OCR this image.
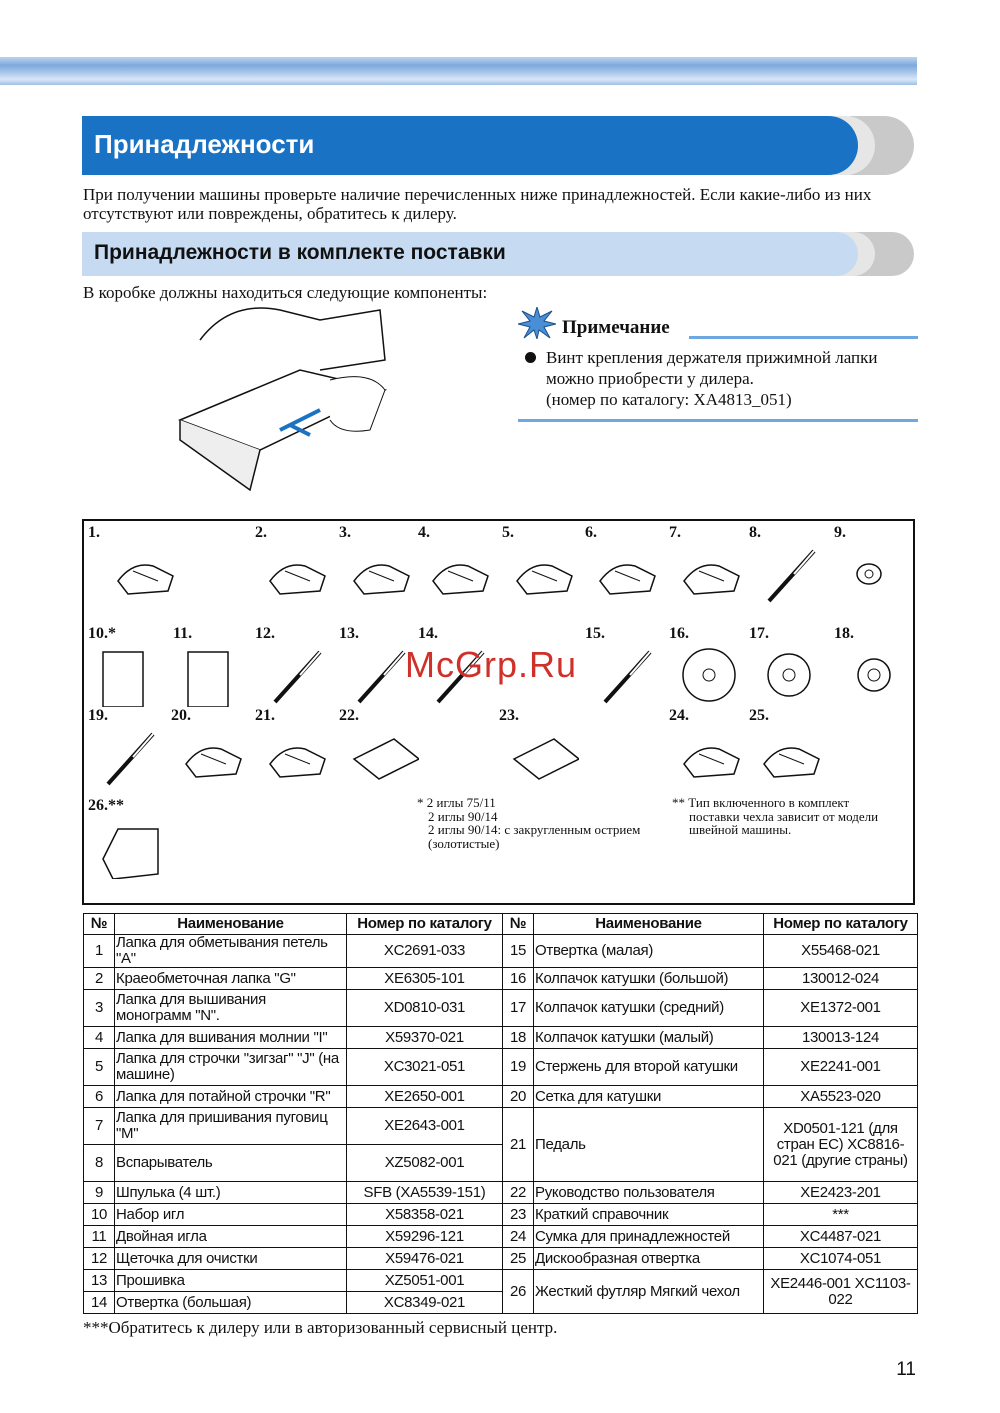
Принадлежности
При получении машины проверьте наличие перечисленных ниже принадлежностей. Если какие-либо из них отсутствуют или повреждены, обратитесь к дилеру.
Принадлежности в комплекте поставки
В коробке должны находиться следующие компоненты:
Примечание
Винт крепления держателя прижимной лапки
можно приобрести у дилера.
(номер по каталогу: XA4813_051)
1.	2.	3.	4.	5.	6.	7.	8.	9.
10.*	11.	12.	13.	14.	15.	16.	17.	18.
19.	20.	21.	22.	23.	24.	25.
26.**	* 2 иглы 75/11
2 иглы 90/14
2 иглы 90/14: с закругленным острием
(золотистые)
** Тип включенного в комплект
поставки чехла зависит от модели
швейной машины.
McGrp.Ru
№	Наименование	Номер по каталогу	№	Наименование	Номер по каталогу
1	Лапка для обметывания петель "A"	XC2691-033	15	Отвертка (малая)	X55468-021
2	Краеобметочная лапка "G"	XE6305-101	16	Колпачок катушки (большой)	130012-024
3	Лапка для вышивания монограмм "N".	XD0810-031	17	Колпачок катушки (средний)	XE1372-001
4	Лапка для вшивания молнии "I"	X59370-021	18	Колпачок катушки (малый)	130013-124
5	Лапка для строчки "зигзаг" "J" (на машине)	XC3021-051	19	Стержень для второй катушки	XE2241-001
6	Лапка для потайной строчки "R"	XE2650-001	20	Сетка для катушки	XA5523-020
7	Лапка для пришивания пуговиц "M"	XE2643-001	21	Педаль	XD0501-121 (для стран ЕС) XC8816-021 (другие страны)
8	Вспарыватель	XZ5082-001			
9	Шпулька (4 шт.)	SFB (XA5539-151)	22	Руководство пользователя	XE2423-201
10	Набор игл	X58358-021	23	Краткий справочник	***
11	Двойная игла	X59296-121	24	Сумка для принадлежностей	XC4487-021
12	Щеточка для очистки	X59476-021	25	Дискообразная отвертка	XC1074-051
13	Прошивка	XZ5051-001	26	Жесткий футляр Мягкий чехол	XE2446-001 XC1103-022
14	Отвертка (большая)	XC8349-021			
***Обратитесь к дилеру или в авторизованный сервисный центр.
11
